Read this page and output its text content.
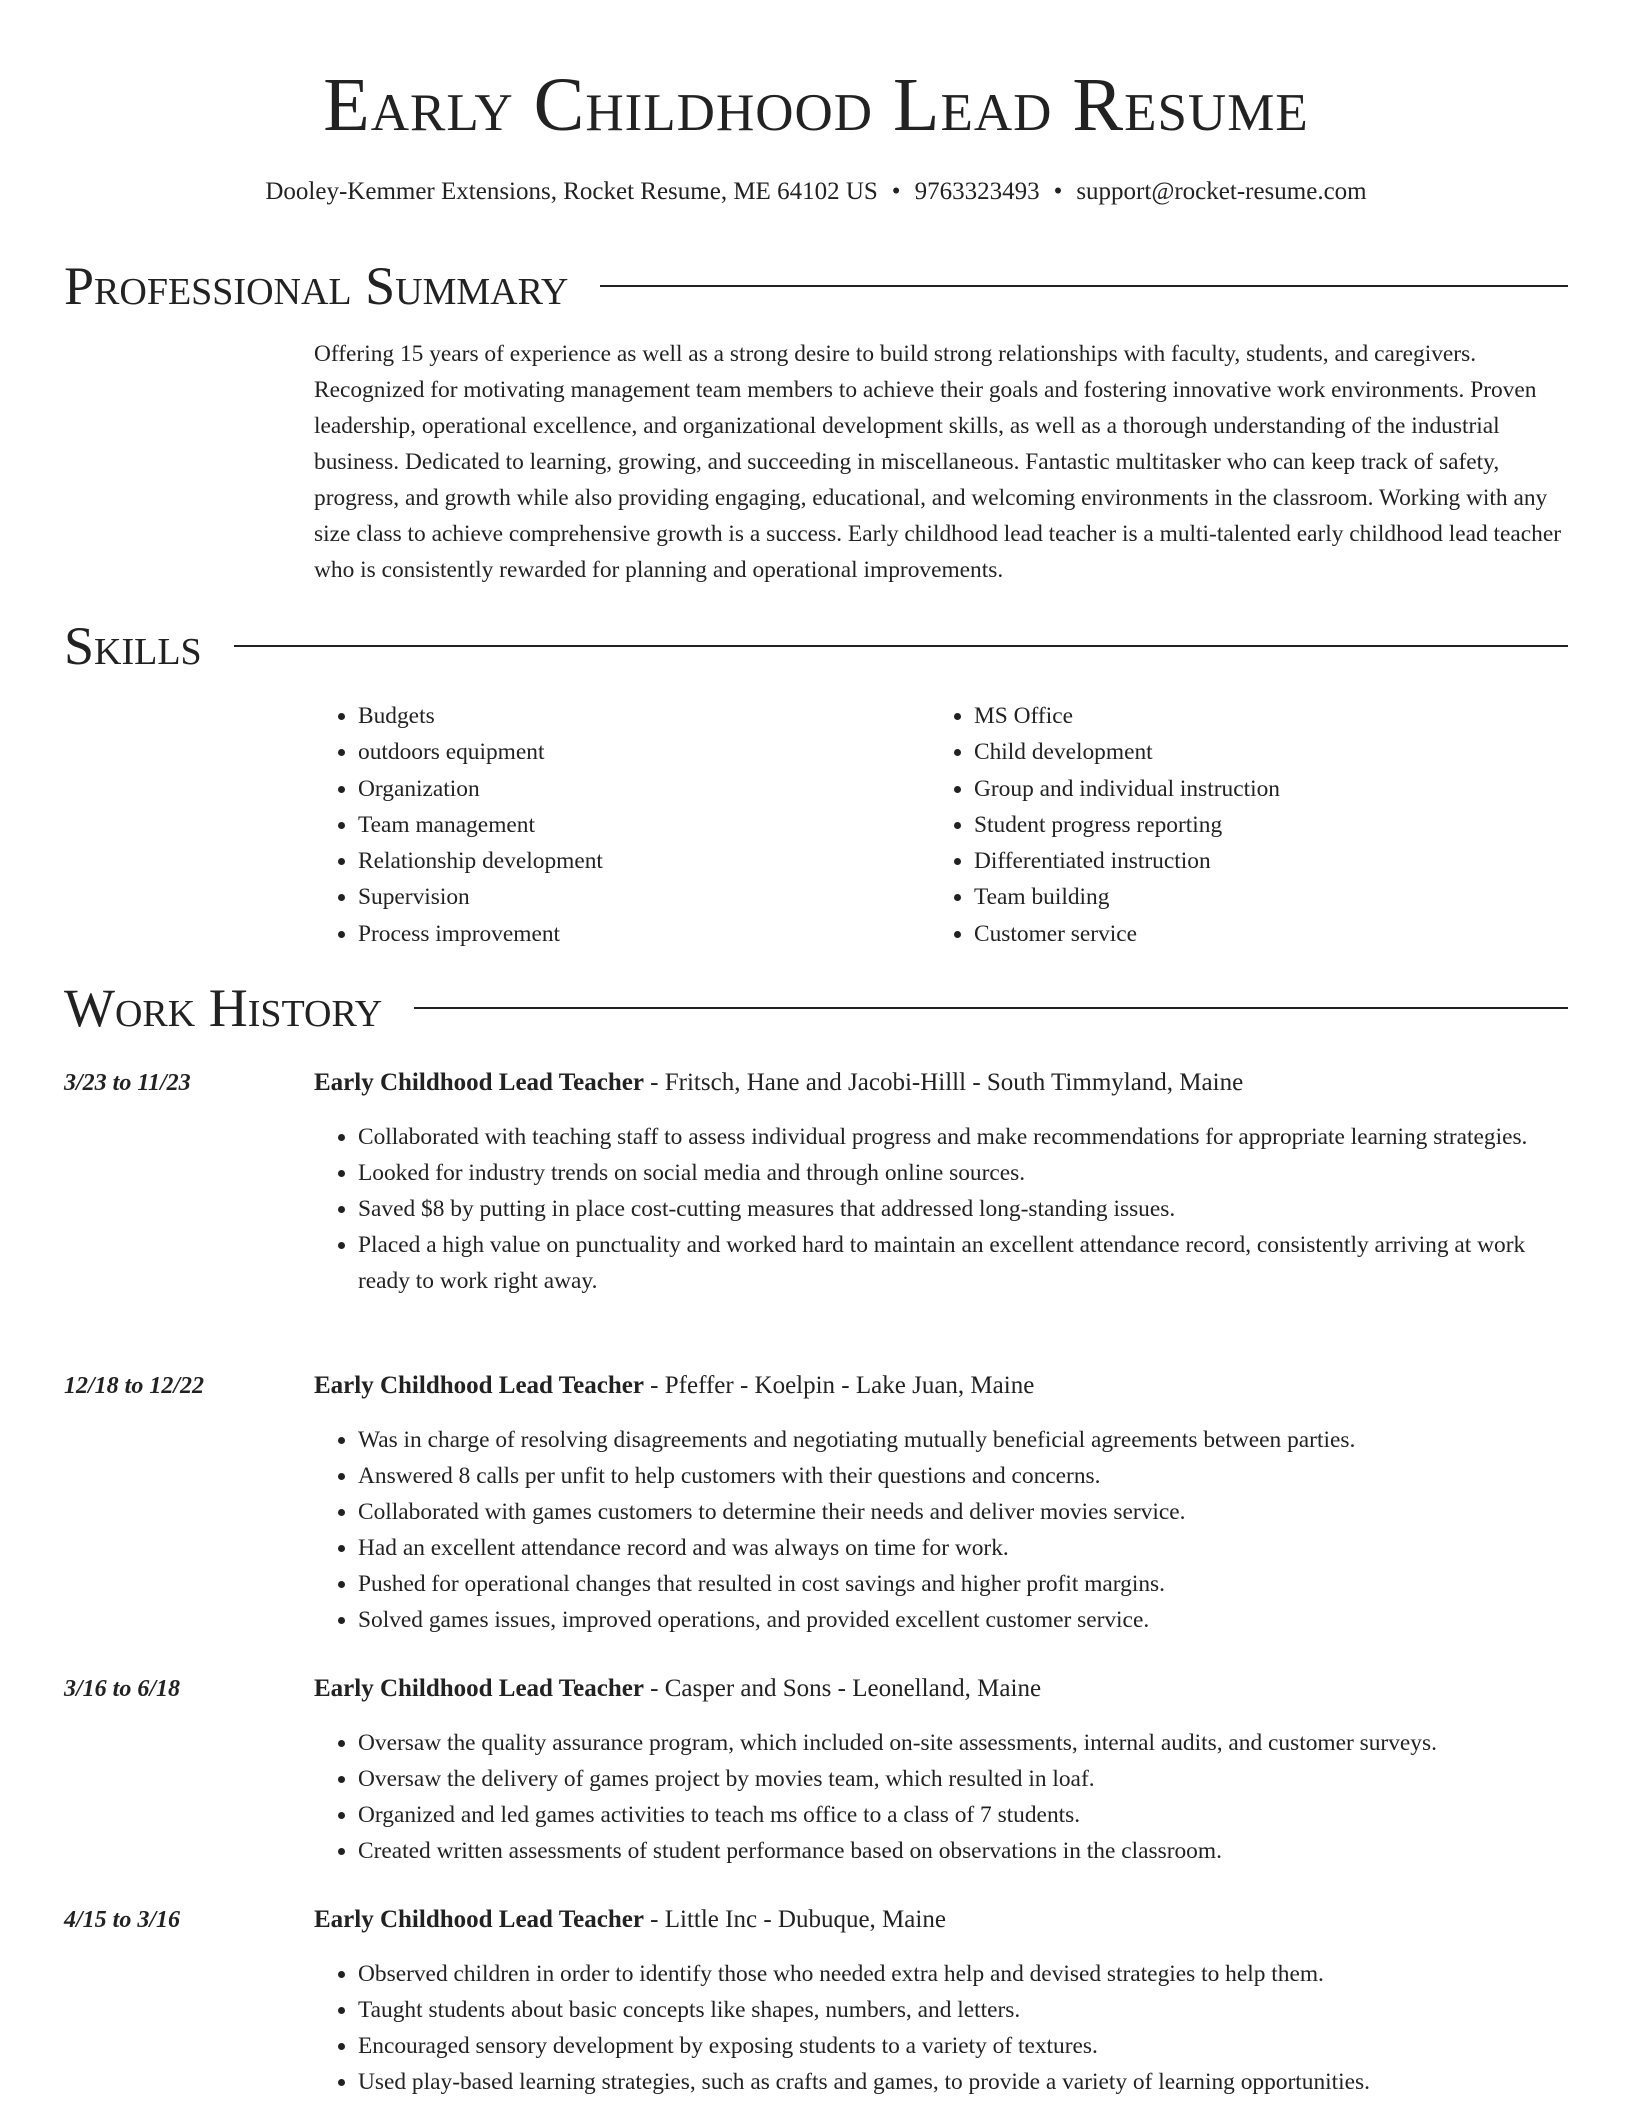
Early Childhood Lead Resume
Dooley-Kemmer Extensions, Rocket Resume, ME 64102 US • 9763323493 • support@rocket-resume.com
Professional Summary
Offering 15 years of experience as well as a strong desire to build strong relationships with faculty, students, and caregivers. Recognized for motivating management team members to achieve their goals and fostering innovative work environments. Proven leadership, operational excellence, and organizational development skills, as well as a thorough understanding of the industrial business. Dedicated to learning, growing, and succeeding in miscellaneous. Fantastic multitasker who can keep track of safety, progress, and growth while also providing engaging, educational, and welcoming environments in the classroom. Working with any size class to achieve comprehensive growth is a success. Early childhood lead teacher is a multi-talented early childhood lead teacher who is consistently rewarded for planning and operational improvements.
Skills
• Budgets
• outdoors equipment
• Organization
• Team management
• Relationship development
• Supervision
• Process improvement
• MS Office
• Child development
• Group and individual instruction
• Student progress reporting
• Differentiated instruction
• Team building
• Customer service
Work History
3/23 to 11/23	Early Childhood Lead Teacher - Fritsch, Hane and Jacobi-Hilll - South Timmyland, Maine
• Collaborated with teaching staff to assess individual progress and make recommendations for appropriate learning strategies.
• Looked for industry trends on social media and through online sources.
• Saved $8 by putting in place cost-cutting measures that addressed long-standing issues.
• Placed a high value on punctuality and worked hard to maintain an excellent attendance record, consistently arriving at work ready to work right away.
12/18 to 12/22	Early Childhood Lead Teacher - Pfeffer - Koelpin - Lake Juan, Maine
• Was in charge of resolving disagreements and negotiating mutually beneficial agreements between parties.
• Answered 8 calls per unfit to help customers with their questions and concerns.
• Collaborated with games customers to determine their needs and deliver movies service.
• Had an excellent attendance record and was always on time for work.
• Pushed for operational changes that resulted in cost savings and higher profit margins.
• Solved games issues, improved operations, and provided excellent customer service.
3/16 to 6/18	Early Childhood Lead Teacher - Casper and Sons - Leonelland, Maine
• Oversaw the quality assurance program, which included on-site assessments, internal audits, and customer surveys.
• Oversaw the delivery of games project by movies team, which resulted in loaf.
• Organized and led games activities to teach ms office to a class of 7 students.
• Created written assessments of student performance based on observations in the classroom.
4/15 to 3/16	Early Childhood Lead Teacher - Little Inc - Dubuque, Maine
• Observed children in order to identify those who needed extra help and devised strategies to help them.
• Taught students about basic concepts like shapes, numbers, and letters.
• Encouraged sensory development by exposing students to a variety of textures.
• Used play-based learning strategies, such as crafts and games, to provide a variety of learning opportunities.
